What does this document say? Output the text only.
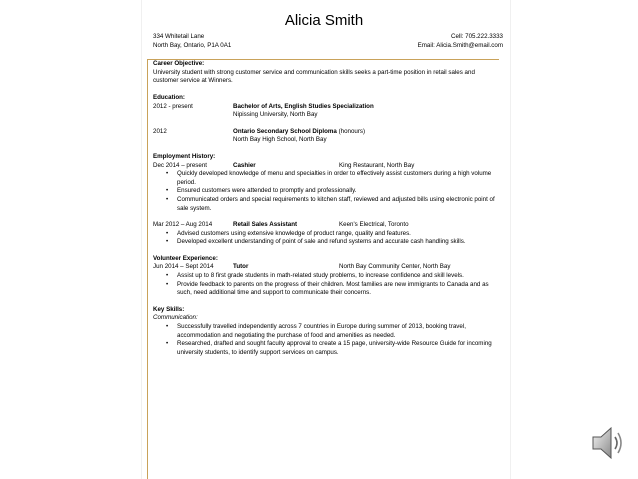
Alicia Smith
334 Whitetail Lane	Cell: 705.222.3333
North Bay, Ontario, P1A 0A1	Email: Alicia.Smith@email.com
Career Objective:
University student with strong customer service and communication skills seeks a part-time position in retail sales and customer service at Winners.
Education:
2012 - present	Bachelor of Arts, English Studies Specialization
Nipissing University, North Bay
2012	Ontario Secondary School Diploma (honours)
North Bay High School, North Bay
Employment History:
Dec 2014 – present	Cashier	King Restaurant, North Bay
• Quickly developed knowledge of menu and specialties in order to effectively assist customers during a high volume period.
• Ensured customers were attended to promptly and professionally.
• Communicated orders and special requirements to kitchen staff, reviewed and adjusted bills using electronic point of sale system.
Mar 2012 – Aug 2014	Retail Sales Assistant	Keen's Electrical, Toronto
• Advised customers using extensive knowledge of product range, quality and features.
• Developed excellent understanding of point of sale and refund systems and accurate cash handling skills.
Volunteer Experience:
Jun 2014 – Sept 2014	Tutor	North Bay Community Center, North Bay
• Assist up to 8 first grade students in math-related study problems, to increase confidence and skill levels.
• Provide feedback to parents on the progress of their children. Most families are new immigrants to Canada and as such, need additional time and support to communicate their concerns.
Key Skills:
Communication:
• Successfully travelled independently across 7 countries in Europe during summer of 2013, booking travel, accommodation and negotiating the purchase of food and amenities as needed.
• Researched, drafted and sought faculty approval to create a 15 page, university-wide Resource Guide for incoming university students, to identify support services on campus.
